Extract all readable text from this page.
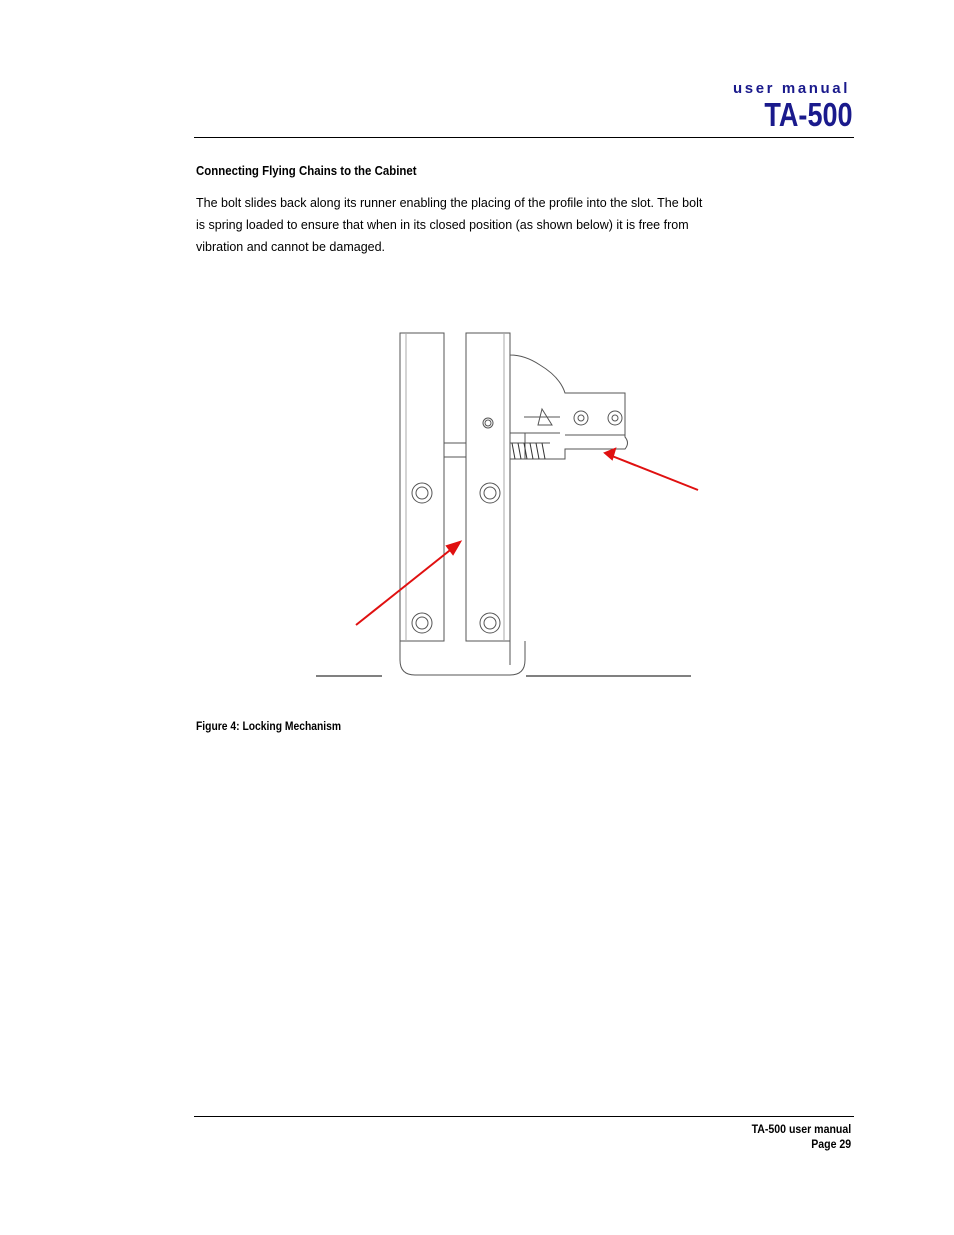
user manual
TA-500
Connecting Flying Chains to the Cabinet
The bolt slides back along its runner enabling the placing of the profile into the slot. The bolt
is spring loaded to ensure that when in its closed position (as shown below) it is free from
vibration and cannot be damaged.
Figure 4: Locking Mechanism
TA-500 user manual
Page 29
